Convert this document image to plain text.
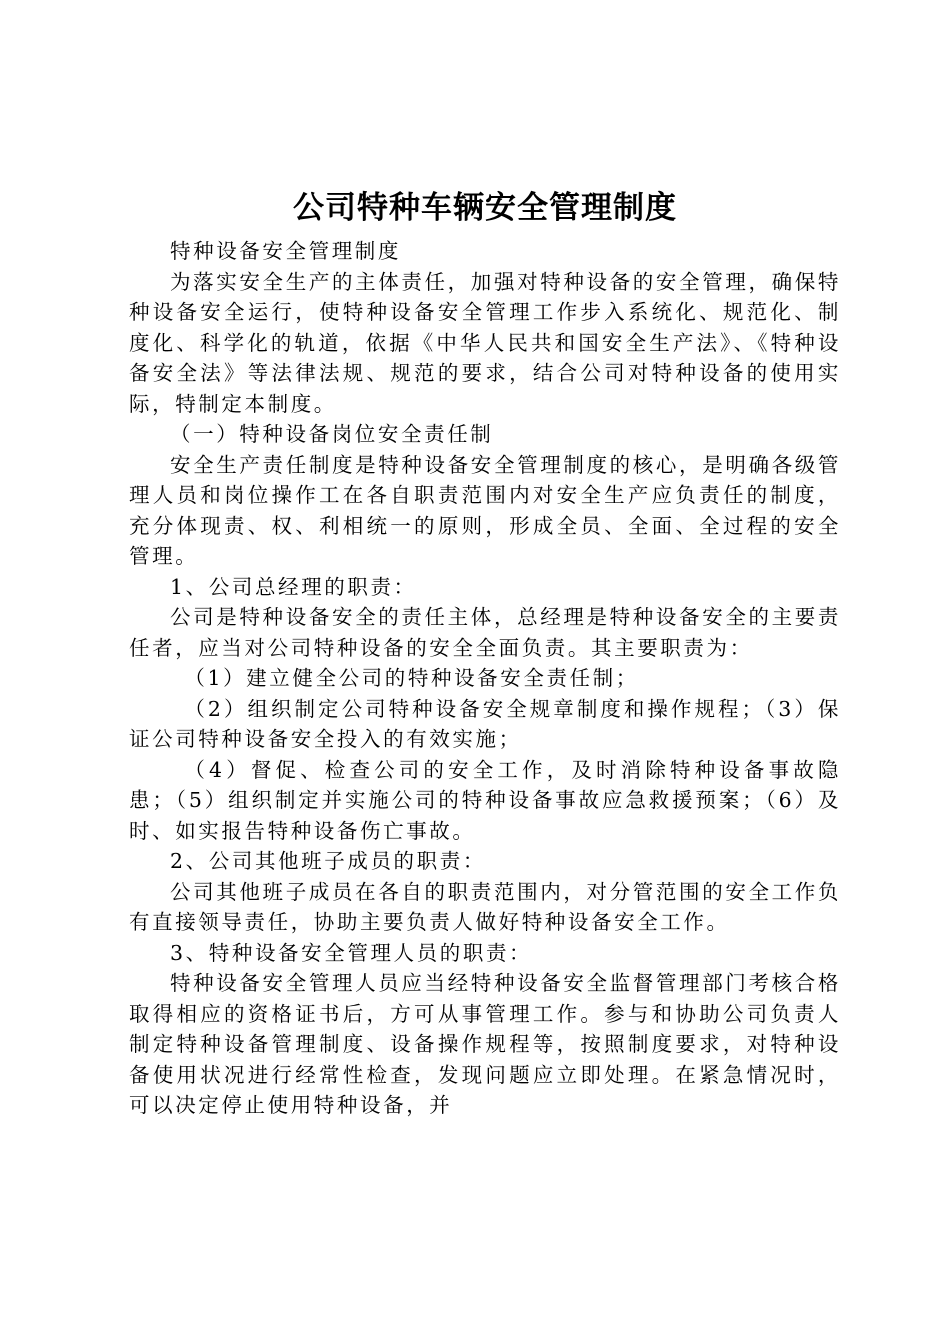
公司特种车辆安全管理制度

特种设备安全管理制度

为落实安全生产的主体责任，加强对特种设备的安全管理，确保特种设备安全运行，使特种设备安全管理工作步入系统化、规范化、制度化、科学化的轨道，依据《中华人民共和国安全生产法》、《特种设备安全法》等法律法规、规范的要求，结合公司对特种设备的使用实际，特制定本制度。

（一）特种设备岗位安全责任制

安全生产责任制度是特种设备安全管理制度的核心，是明确各级管理人员和岗位操作工在各自职责范围内对安全生产应负责任的制度，充分体现责、权、利相统一的原则，形成全员、全面、全过程的安全管理。

1、公司总经理的职责：

公司是特种设备安全的责任主体，总经理是特种设备安全的主要责任者，应当对公司特种设备的安全全面负责。其主要职责为：

（1）建立健全公司的特种设备安全责任制；

（2）组织制定公司特种设备安全规章制度和操作规程；（3）保证公司特种设备安全投入的有效实施；

（4）督促、检查公司的安全工作，及时消除特种设备事故隐患；（5）组织制定并实施公司的特种设备事故应急救援预案；（6）及时、如实报告特种设备伤亡事故。

2、公司其他班子成员的职责：

公司其他班子成员在各自的职责范围内，对分管范围的安全工作负有直接领导责任，协助主要负责人做好特种设备安全工作。

3、特种设备安全管理人员的职责：

特种设备安全管理人员应当经特种设备安全监督管理部门考核合格取得相应的资格证书后，方可从事管理工作。参与和协助公司负责人制定特种设备管理制度、设备操作规程等，按照制度要求，对特种设备使用状况进行经常性检查，发现问题应立即处理。在紧急情况时，可以决定停止使用特种设备，并
